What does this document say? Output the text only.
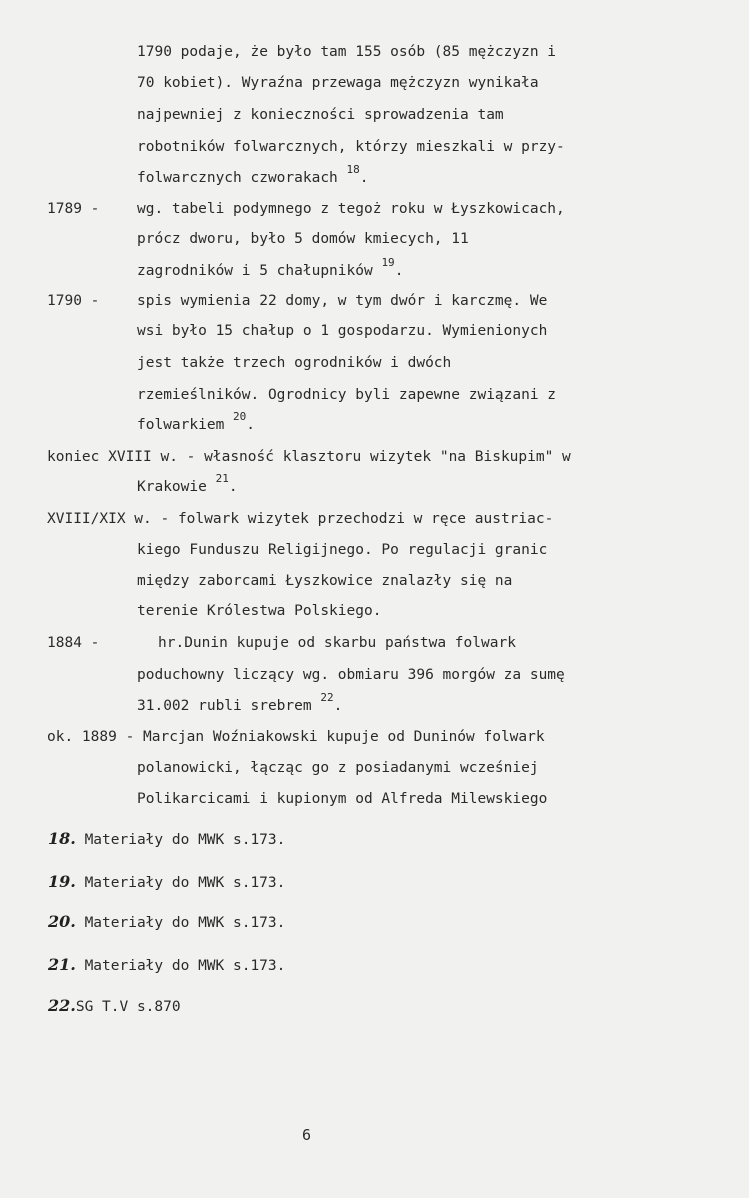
1790 podaje, że było tam 155 osób (85 mężczyzn i
70 kobiet). Wyraźna przewaga mężczyzn wynikała
najpewniej z konieczności sprowadzenia tam
robotników folwarcznych, którzy mieszkali w przy-
folwarcznych czworakach $^{18}$.
1789 -	wg. tabeli podymnego z tegoż roku w Łyszkowicach,
prócz dworu, było 5 domów kmiecych, 11
zagrodników i 5 chałupników $^{19}$.
1790 -	spis wymienia 22 domy, w tym dwór i karczmę. We
wsi było 15 chałup o 1 gospodarzu. Wymienionych
jest także trzech ogrodników i dwóch
rzemieślników. Ogrodnicy byli zapewne związani z
folwarkiem $^{20}$.
koniec XVIII w. - własność klasztoru wizytek "na Biskupim" w
Krakowie $^{21}$.
XVIII/XIX w. - folwark wizytek przechodzi w ręce austriac-
kiego Funduszu Religijnego. Po regulacji granic
między zaborcami Łyszkowice znalazły się na
terenie Królestwa Polskiego.
1884 -	hr.Dunin kupuje od skarbu państwa folwark
poduchowny liczący wg. obmiaru 396 morgów za sumę
31.002 rubli srebrem $^{22}$.
ok. 1889 - Marcjan Woźniakowski kupuje od Duninów folwark
polanowicki, łącząc go z posiadanymi wcześniej
Polikarcicami i kupionym od Alfreda Milewskiego
18. Materiały do MWK s.173.
19. Materiały do MWK s.173.
20. Materiały do MWK s.173.
21. Materiały do MWK s.173.
22.SG T.V s.870
6
